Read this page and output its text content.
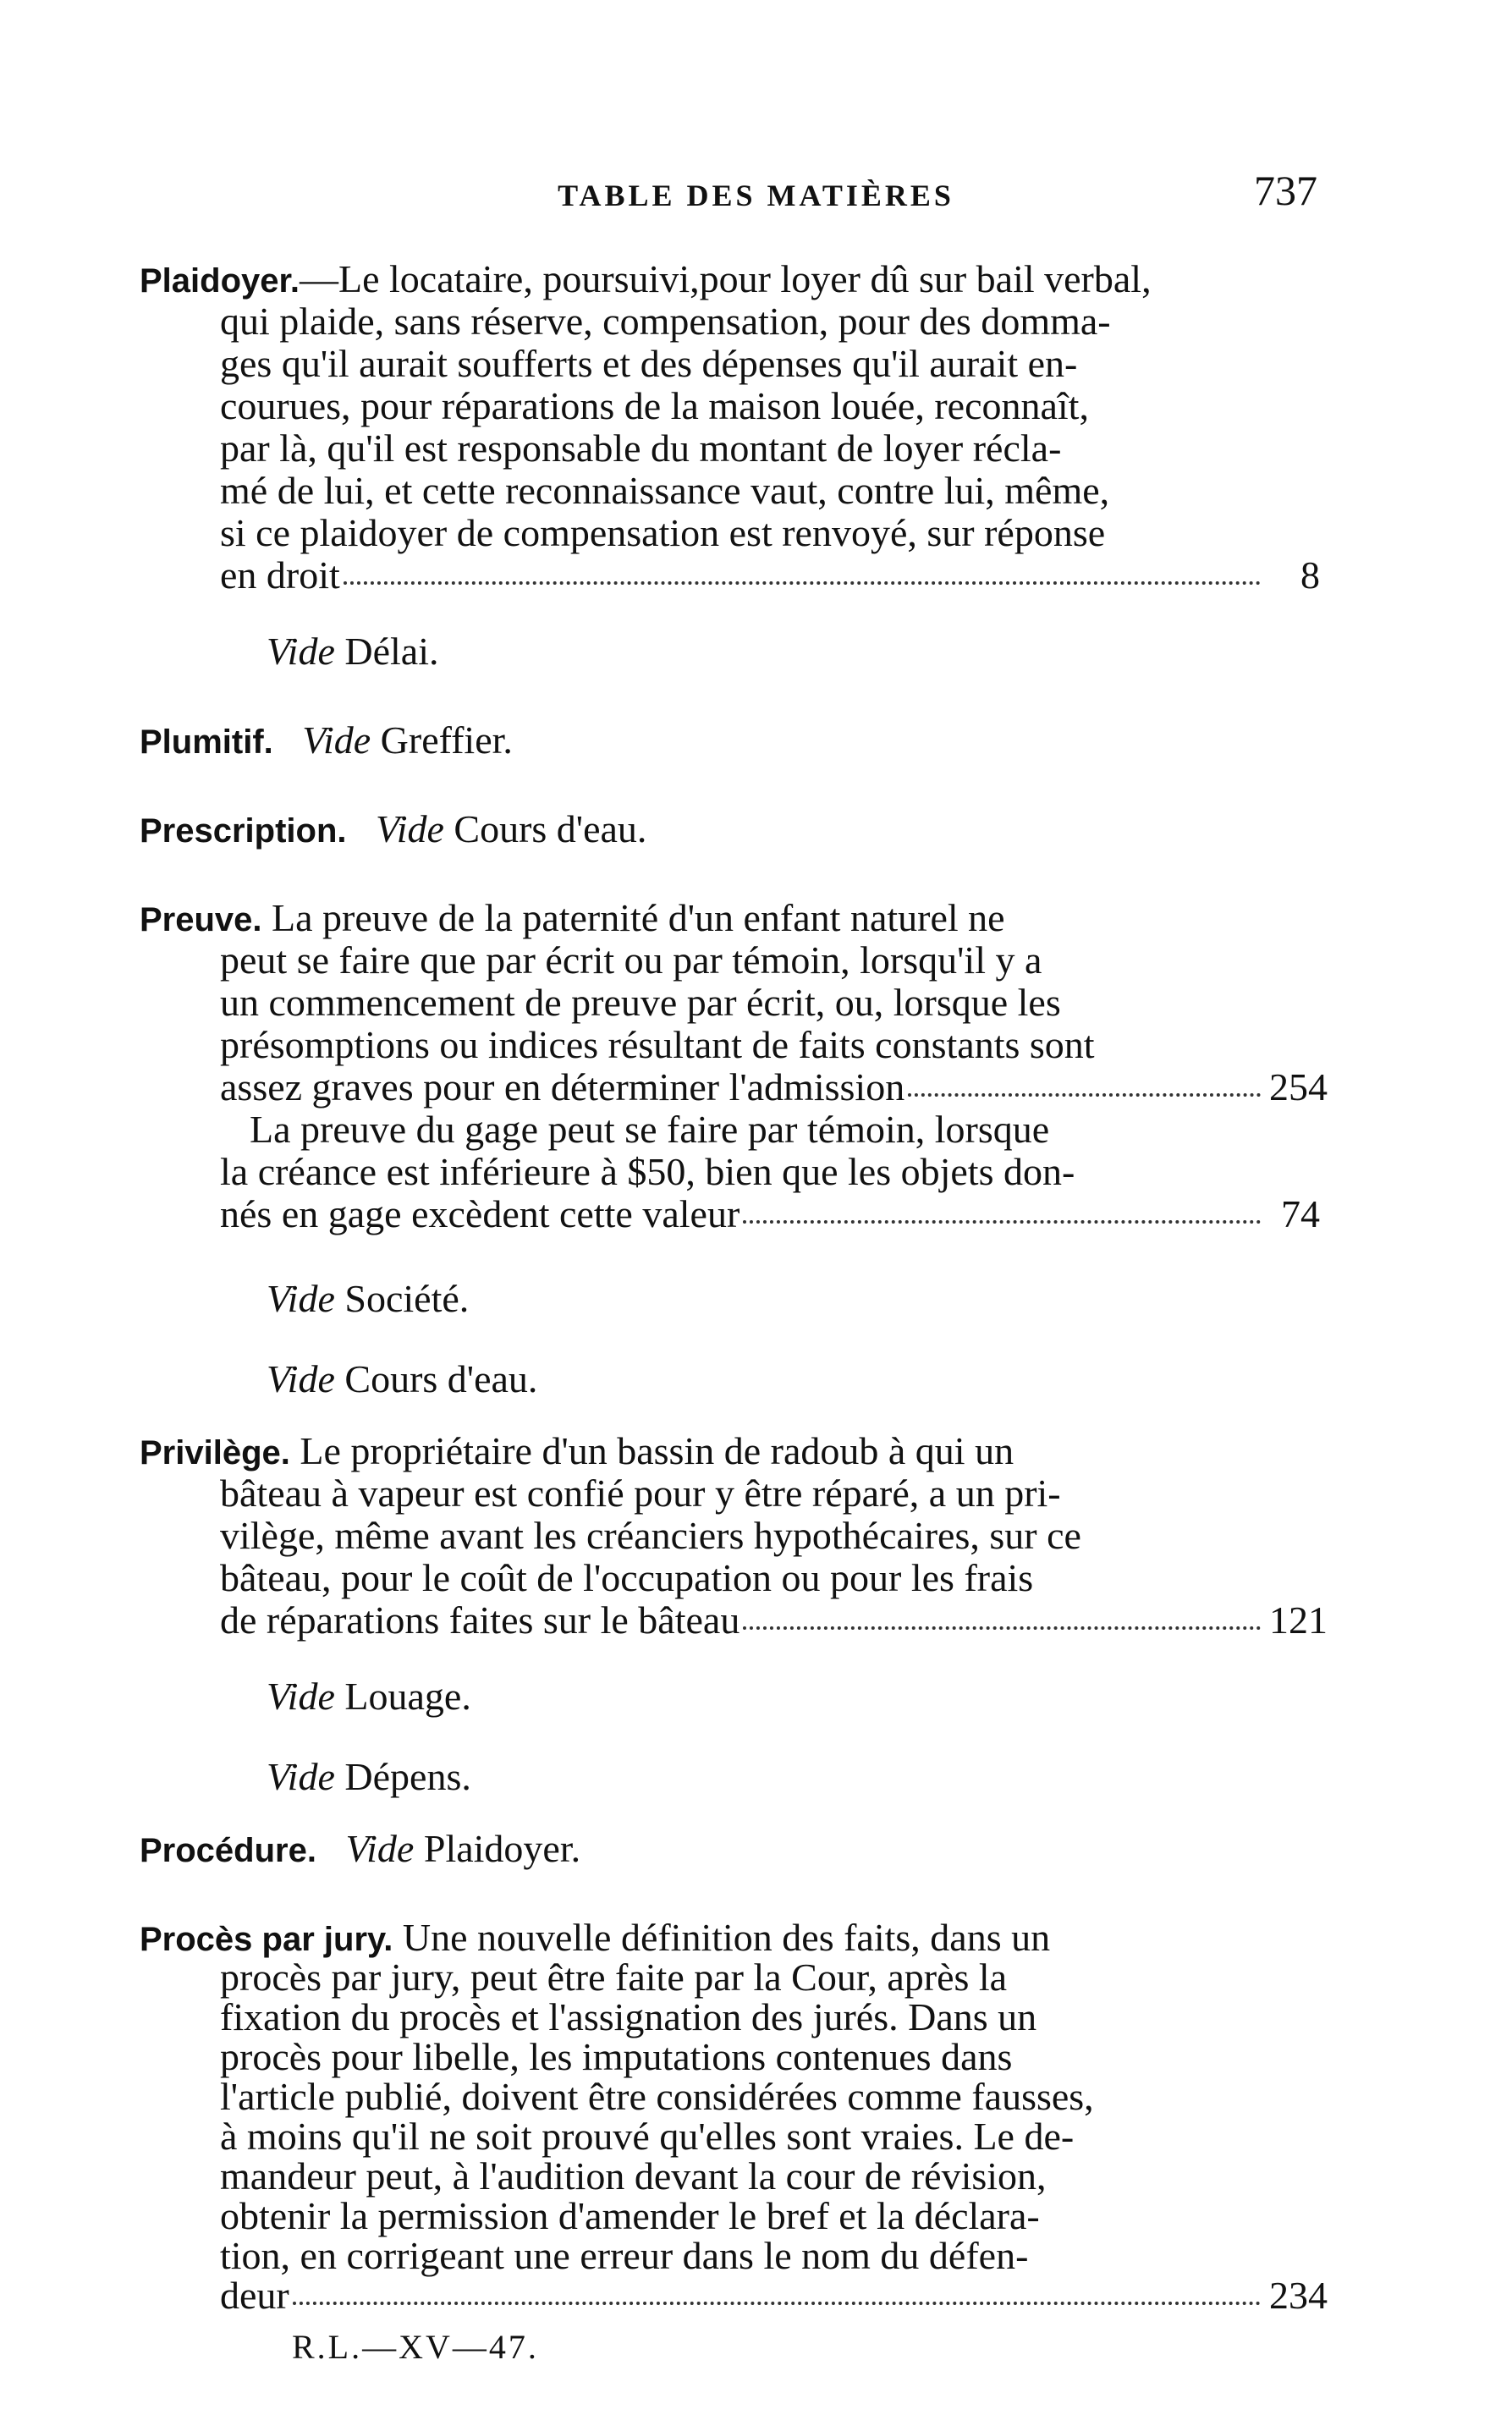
TABLE DES MATIÈRES	737
Plaidoyer.—Le locataire, poursuivi,pour loyer dû sur bail verbal,
qui plaide, sans réserve, compensation, pour des domma-
ges qu'il aurait soufferts et des dépenses qu'il aurait en-
courues, pour réparations de la maison louée, reconnaît,
par là, qu'il est responsable du montant de loyer récla-
mé de lui, et cette reconnaissance vaut, contre lui, même,
si ce plaidoyer de compensation est renvoyé, sur réponse
en droit	8
Vide Délai.
Plumitif. Vide Greffier.
Prescription. Vide Cours d'eau.
Preuve. La preuve de la paternité d'un enfant naturel ne
peut se faire que par écrit ou par témoin, lorsqu'il y a
un commencement de preuve par écrit, ou, lorsque les
présomptions ou indices résultant de faits constants sont
assez graves pour en déterminer l'admission	254
La preuve du gage peut se faire par témoin, lorsque
la créance est inférieure à $50, bien que les objets don-
nés en gage excèdent cette valeur	74
Vide Société.
Vide Cours d'eau.
Privilège. Le propriétaire d'un bassin de radoub à qui un
bâteau à vapeur est confié pour y être réparé, a un pri-
vilège, même avant les créanciers hypothécaires, sur ce
bâteau, pour le coût de l'occupation ou pour les frais
de réparations faites sur le bâteau	121
Vide Louage.
Vide Dépens.
Procédure. Vide Plaidoyer.
Procès par jury. Une nouvelle définition des faits, dans un
procès par jury, peut être faite par la Cour, après la
fixation du procès et l'assignation des jurés. Dans un
procès pour libelle, les imputations contenues dans
l'article publié, doivent être considérées comme fausses,
à moins qu'il ne soit prouvé qu'elles sont vraies. Le de-
mandeur peut, à l'audition devant la cour de révision,
obtenir la permission d'amender le bref et la déclara-
tion, en corrigeant une erreur dans le nom du défen-
deur	234
R.L.—XV—47.
